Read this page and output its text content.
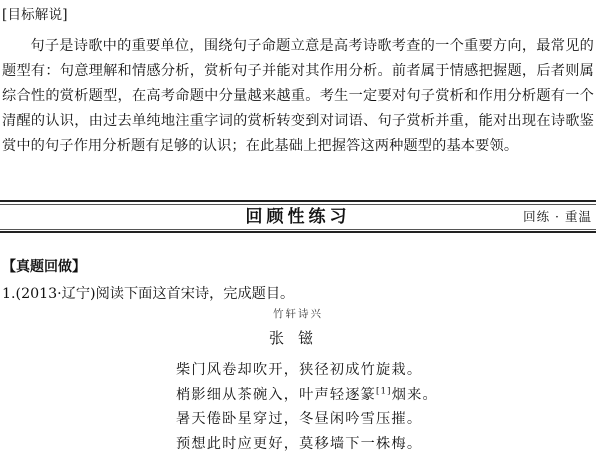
[目标解说]

句子是诗歌中的重要单位，围绕句子命题立意是高考诗歌考查的一个重要方向，最常见的题型有：句意理解和情感分析，赏析句子并能对其作用分析。前者属于情感把握题，后者则属综合性的赏析题型，在高考命题中分量越来越重。考生一定要对句子赏析和作用分析题有一个清醒的认识，由过去单纯地注重字词的赏析转变到对词语、句子赏析并重，能对出现在诗歌鉴赏中的句子作用分析题有足够的认识；在此基础上把握答这两种题型的基本要领。

回顾性练习	回练 · 重温
【真题回做】
1.(2013·辽宁)阅读下面这首宋诗，完成题目。
竹轩诗兴
张镃
柴门风卷却吹开，狭径初成竹旋栽。
梢影细从茶碗入，叶声轻逐篆[1]烟来。
暑天倦卧星穿过，冬昼闲吟雪压摧。
预想此时应更好，莫移墙下一株梅。
